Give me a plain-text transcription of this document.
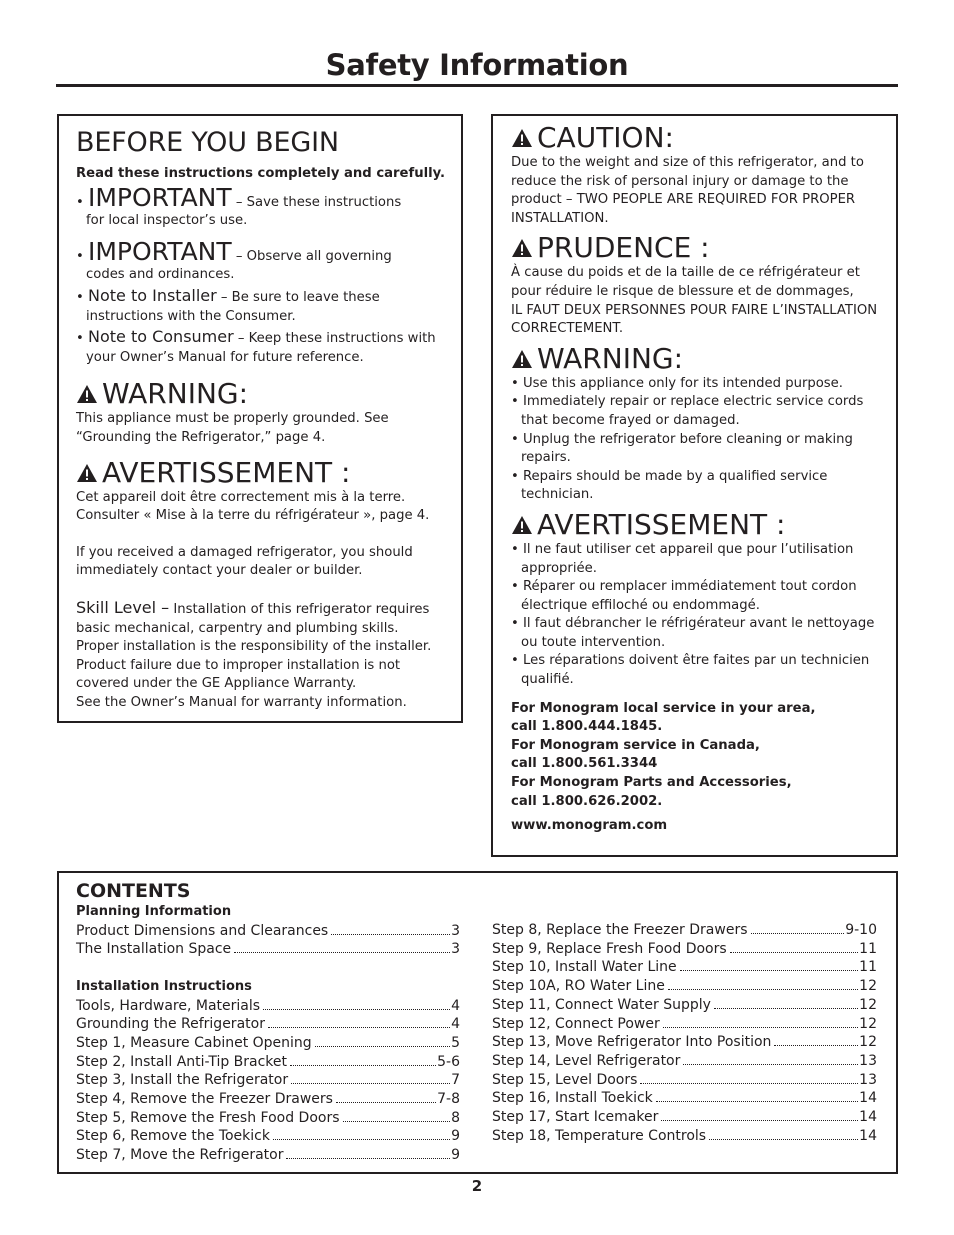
Safety Information
BEFORE YOU BEGIN

Read these instructions completely and carefully.

• IMPORTANT – Save these instructions
for local inspector’s use.
• IMPORTANT – Observe all governing
codes and ordinances.
• Note to Installer – Be sure to leave these
instructions with the Consumer.
• Note to Consumer – Keep these instructions with
your Owner’s Manual for future reference.
WARNING:

This appliance must be properly grounded. See

“Grounding the Refrigerator,” page 4.

AVERTISSEMENT :

Cet appareil doit être correctement mis à la terre.

Consulter « Mise à la terre du réfrigérateur », page 4.

If you received a damaged refrigerator, you should

immediately contact your dealer or builder.

Skill Level – Installation of this refrigerator requires
basic mechanical, carpentry and plumbing skills.
Proper installation is the responsibility of the installer.
Product failure due to improper installation is not
covered under the GE Appliance Warranty.
See the Owner’s Manual for warranty information.
CAUTION:

Due to the weight and size of this refrigerator, and to

reduce the risk of personal injury or damage to the

product – TWO PEOPLE ARE REQUIRED FOR PROPER

INSTALLATION.

PRUDENCE :

À cause du poids et de la taille de ce réfrigérateur et

pour réduire le risque de blessure et de dommages,

IL FAUT DEUX PERSONNES POUR FAIRE L’INSTALLATION

CORRECTEMENT.

WARNING:
• Use this appliance only for its intended purpose.
• Immediately repair or replace electric service cords
that become frayed or damaged.
• Unplug the refrigerator before cleaning or making
repairs.
• Repairs should be made by a qualified service
technician.
AVERTISSEMENT :
• Il ne faut utiliser cet appareil que pour l’utilisation
appropriée.
• Réparer ou remplacer immédiatement tout cordon
électrique effiloché ou endommagé.
• Il faut débrancher le réfrigérateur avant le nettoyage
ou toute intervention.
• Les réparations doivent être faites par un technicien
qualifié.
For Monogram local service in your area,
call 1.800.444.1845.
For Monogram service in Canada,
call 1.800.561.3344
For Monogram Parts and Accessories,
call 1.800.626.2002.
www.monogram.com
CONTENTS
Planning Information
Product Dimensions and Clearances	3
The Installation Space	3
Installation Instructions
Tools, Hardware, Materials	4
Grounding the Refrigerator	4
Step 1, Measure Cabinet Opening	5
Step 2, Install Anti-Tip Bracket	5-6
Step 3, Install the Refrigerator	7
Step 4, Remove the Freezer Drawers	7-8
Step 5, Remove the Fresh Food Doors	8
Step 6, Remove the Toekick	9
Step 7, Move the Refrigerator	9
Step 8, Replace the Freezer Drawers	9-10
Step 9, Replace Fresh Food Doors	11
Step 10, Install Water Line	11
Step 10A, RO Water Line	12
Step 11, Connect Water Supply	12
Step 12, Connect Power	12
Step 13, Move Refrigerator Into Position	12
Step 14, Level Refrigerator	13
Step 15, Level Doors	13
Step 16, Install Toekick	14
Step 17, Start Icemaker	14
Step 18, Temperature Controls	14
2
